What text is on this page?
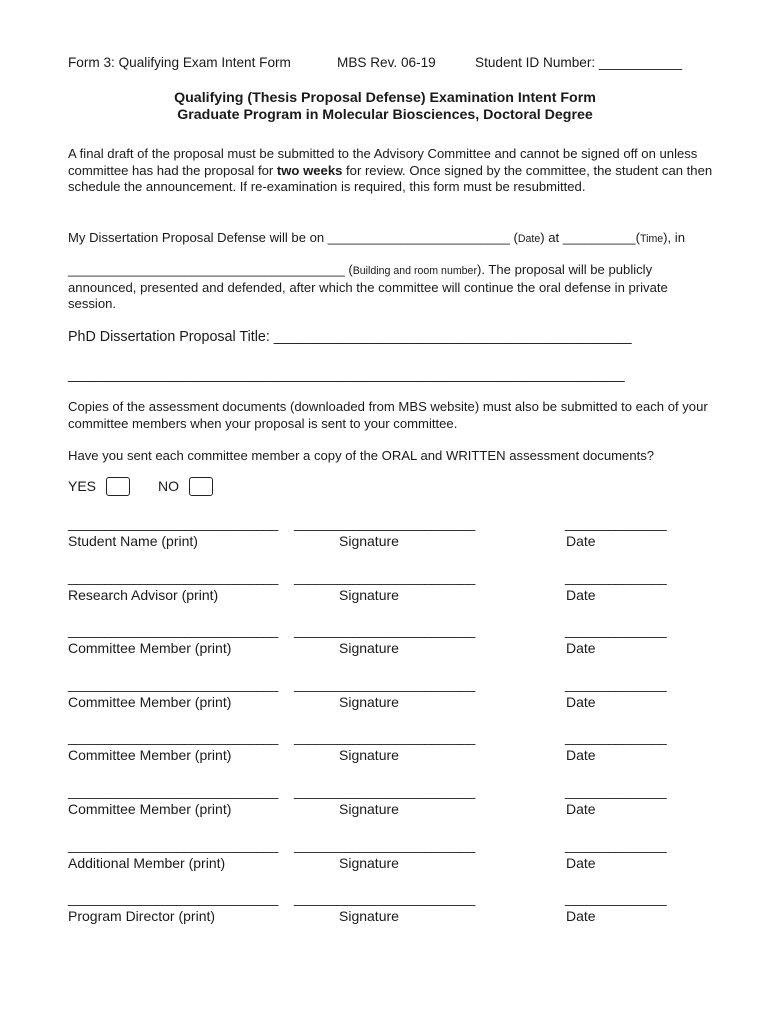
Form 3: Qualifying Exam Intent Form	MBS Rev. 06-19	Student ID Number: ___________
Qualifying (Thesis Proposal Defense) Examination Intent Form
Graduate Program in Molecular Biosciences, Doctoral Degree
A final draft of the proposal must be submitted to the Advisory Committee and cannot be signed off on unless committee has had the proposal for two weeks for review. Once signed by the committee, the student can then schedule the announcement. If re-examination is required, this form must be resubmitted.
My Dissertation Proposal Defense will be on _________________________ (Date) at __________(Time), in
______________________________________ (Building and room number). The proposal will be publicly announced, presented and defended, after which the committee will continue the oral defense in private session.
PhD Dissertation Proposal Title: _____________________________________________
______________________________________________________________________
Copies of the assessment documents (downloaded from MBS website) must also be submitted to each of your committee members when your proposal is sent to your committee.
Have you sent each committee member a copy of the ORAL and WRITTEN assessment documents?
YES	NO
_____________________________ _________________________	______________
Student Name (print)	Signature	Date
_____________________________ _________________________	______________
Research Advisor (print)	Signature	Date
_____________________________ _________________________	______________
Committee Member (print)	Signature	Date
_____________________________ _________________________	______________
Committee Member (print)	Signature	Date
_____________________________ _________________________	______________
Committee Member (print)	Signature	Date
_____________________________ _________________________	______________
Committee Member (print)	Signature	Date
_____________________________ _________________________	______________
Additional Member (print)	Signature	Date
_____________________________ _________________________	______________
Program Director (print)	Signature	Date
